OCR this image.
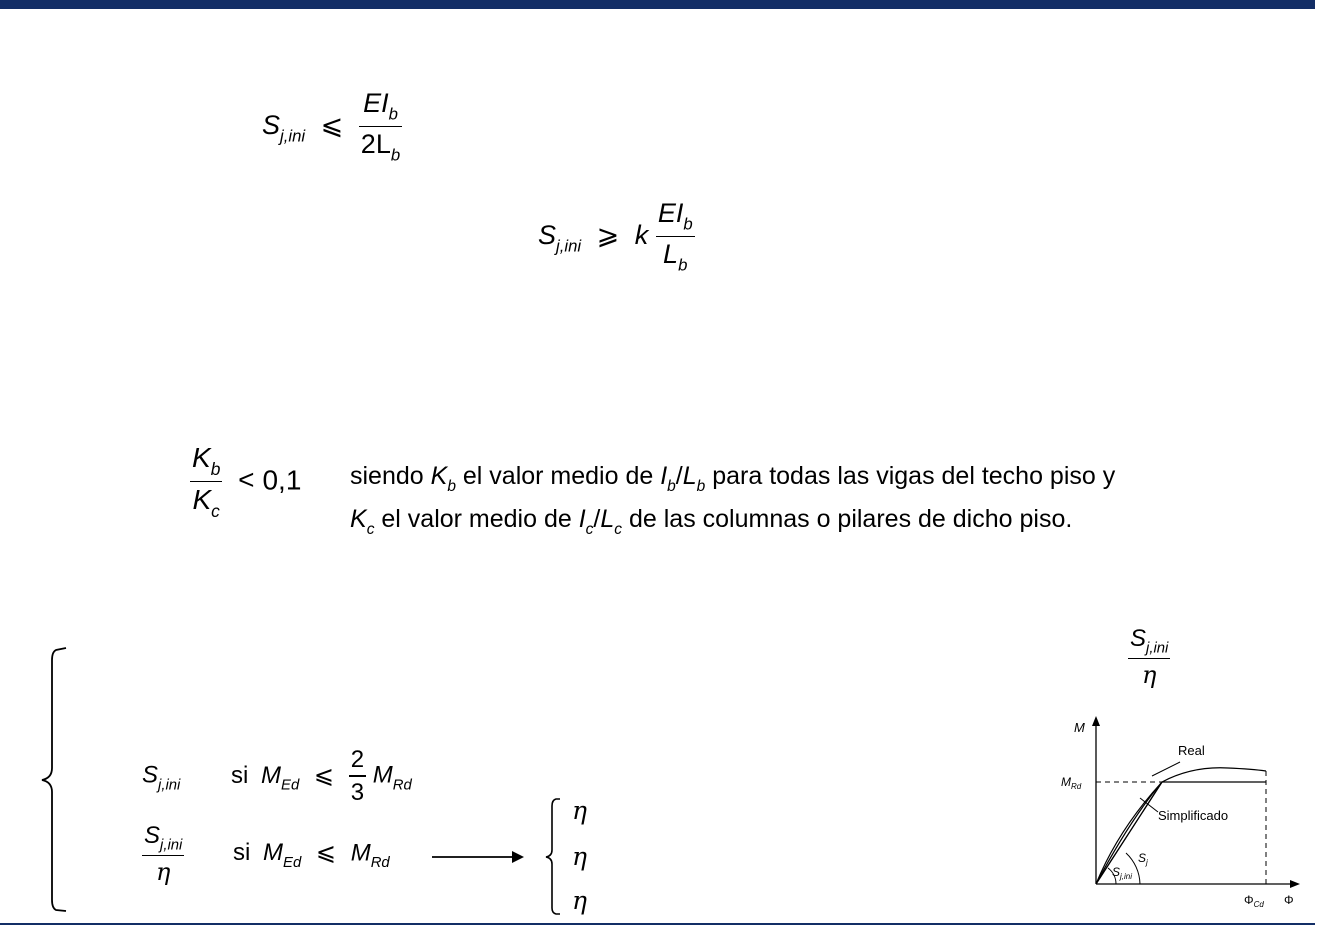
$S_{j,ini}$ ⩽ $\frac{EI_b}{2L_b}$
$S_{j,ini}$ ⩾ k $\frac{EI_b}{L_b}$
$\frac{K_b}{K_c} < 0,1$ siendo $K_b$ el valor medio de $I_b/L_b$ para todas las vigas del techo piso y
$K_c$ el valor medio de $I_c/L_c$ de las columnas o pilares de dicho piso.
$\frac{S_{j,ini}}{\eta}$
$S_{j,ini}$ si $M_{Ed}$ ⩽ $\frac{2}{3} M_{Rd}$
$\frac{S_{j,ini}}{\eta}$ si $M_{Ed}$ ⩽ $M_{Rd}$
η
η
η
M
$M_{Rd}$
Real
Simplificado
$S_j$
$S_{j,ini}$
$\Phi_{Cd}$ Φ
